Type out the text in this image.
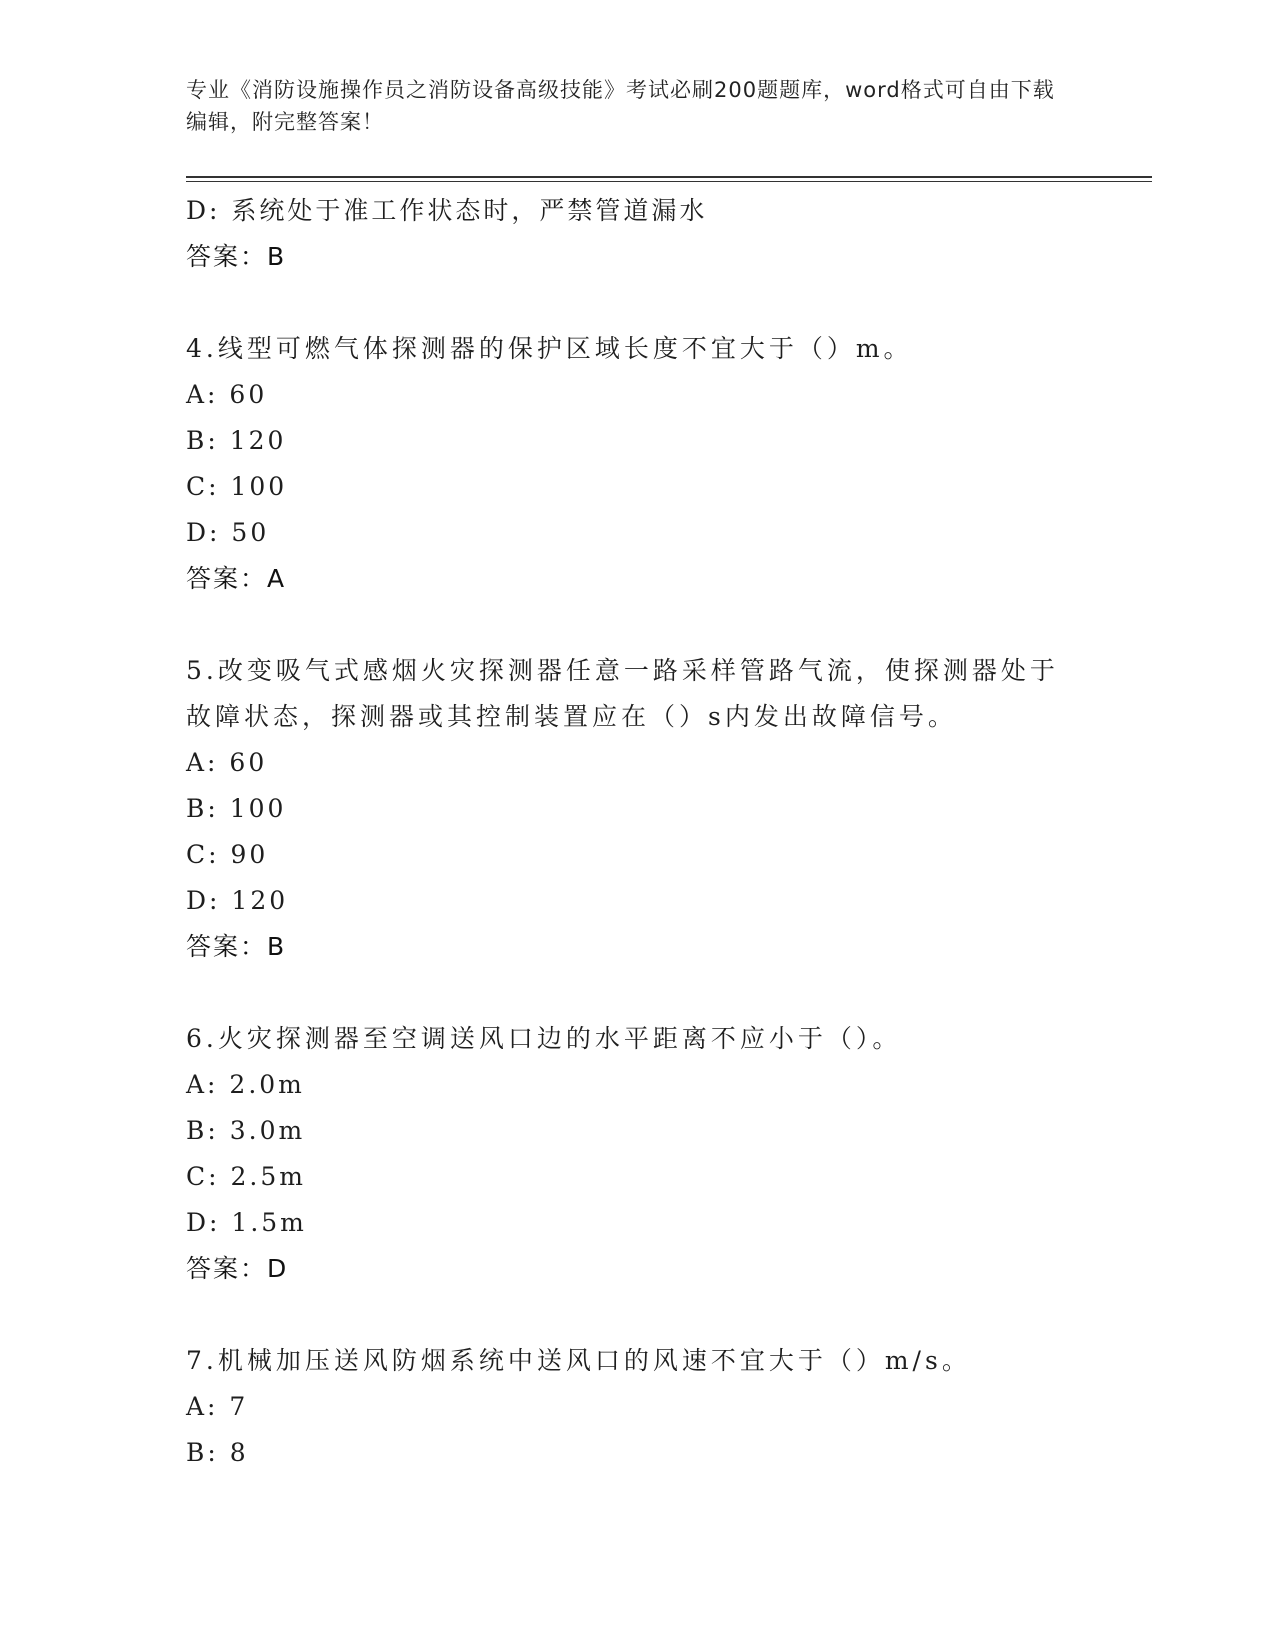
专业《消防设施操作员之消防设备高级技能》考试必刷200题题库，word格式可自由下载编辑，附完整答案！
D: 系统处于准工作状态时，严禁管道漏水
答案：B
4.线型可燃气体探测器的保护区域长度不宜大于（）m。
A: 60
B: 120
C: 100
D: 50
答案：A
5.改变吸气式感烟火灾探测器任意一路采样管路气流，使探测器处于故障状态，探测器或其控制装置应在（）s内发出故障信号。
A: 60
B: 100
C: 90
D: 120
答案：B
6.火灾探测器至空调送风口边的水平距离不应小于（）。
A: 2.0m
B: 3.0m
C: 2.5m
D: 1.5m
答案：D
7.机械加压送风防烟系统中送风口的风速不宜大于（）m/s。
A: 7
B: 8
